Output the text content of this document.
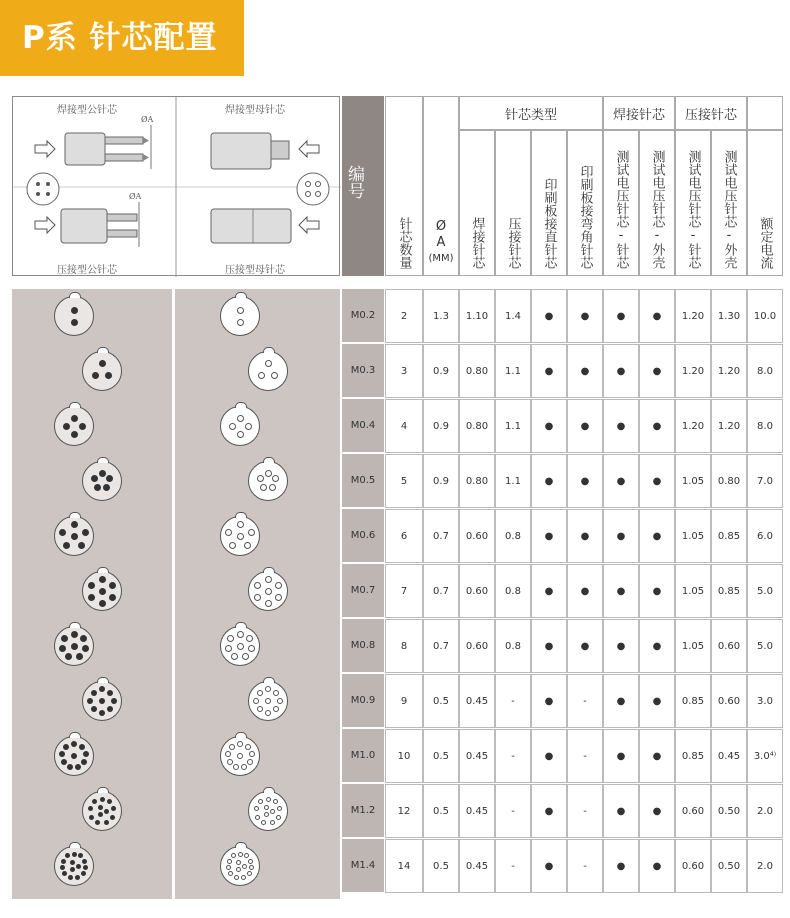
P系 针芯配置
焊接型公针芯	焊接型母针芯
压接型公针芯	压接型母针芯
ØA
ØA	编号
针芯数量 Ø
A
(MM)
针芯类型	焊接针芯 压接针芯
焊接针芯 压接针芯 印刷板接直针芯 印刷板接弯角针芯 测试电压针芯-针芯 测试电压针芯-外壳 测试电压针芯-针芯 测试电压针芯-外壳 额定电流
M0.2	2	1.3	1.10	1.4	●	●	●	●	1.20	1.30	10.0
M0.3	3	0.9	0.80	1.1	●	●	●	●	1.20	1.20	8.0
M0.4	4	0.9	0.80	1.1	●	●	●	●	1.20	1.20	8.0
M0.5	5	0.9	0.80	1.1	●	●	●	●	1.05	0.80	7.0
M0.6	6	0.7	0.60	0.8	●	●	●	●	1.05	0.85	6.0
M0.7	7	0.7	0.60	0.8	●	●	●	●	1.05	0.85	5.0
M0.8	8	0.7	0.60	0.8	●	●	●	●	1.05	0.60	5.0
M0.9	9	0.5	0.45	-	●	-	●	●	0.85	0.60	3.0
M1.0	10	0.5	0.45	-	●	-	●	●	0.85	0.45	3.0⁴⁾
M1.2	12	0.5	0.45	-	●	-	●	●	0.60	0.50	2.0
M1.4	14	0.5	0.45	-	●	-	●	●	0.60	0.50	2.0
